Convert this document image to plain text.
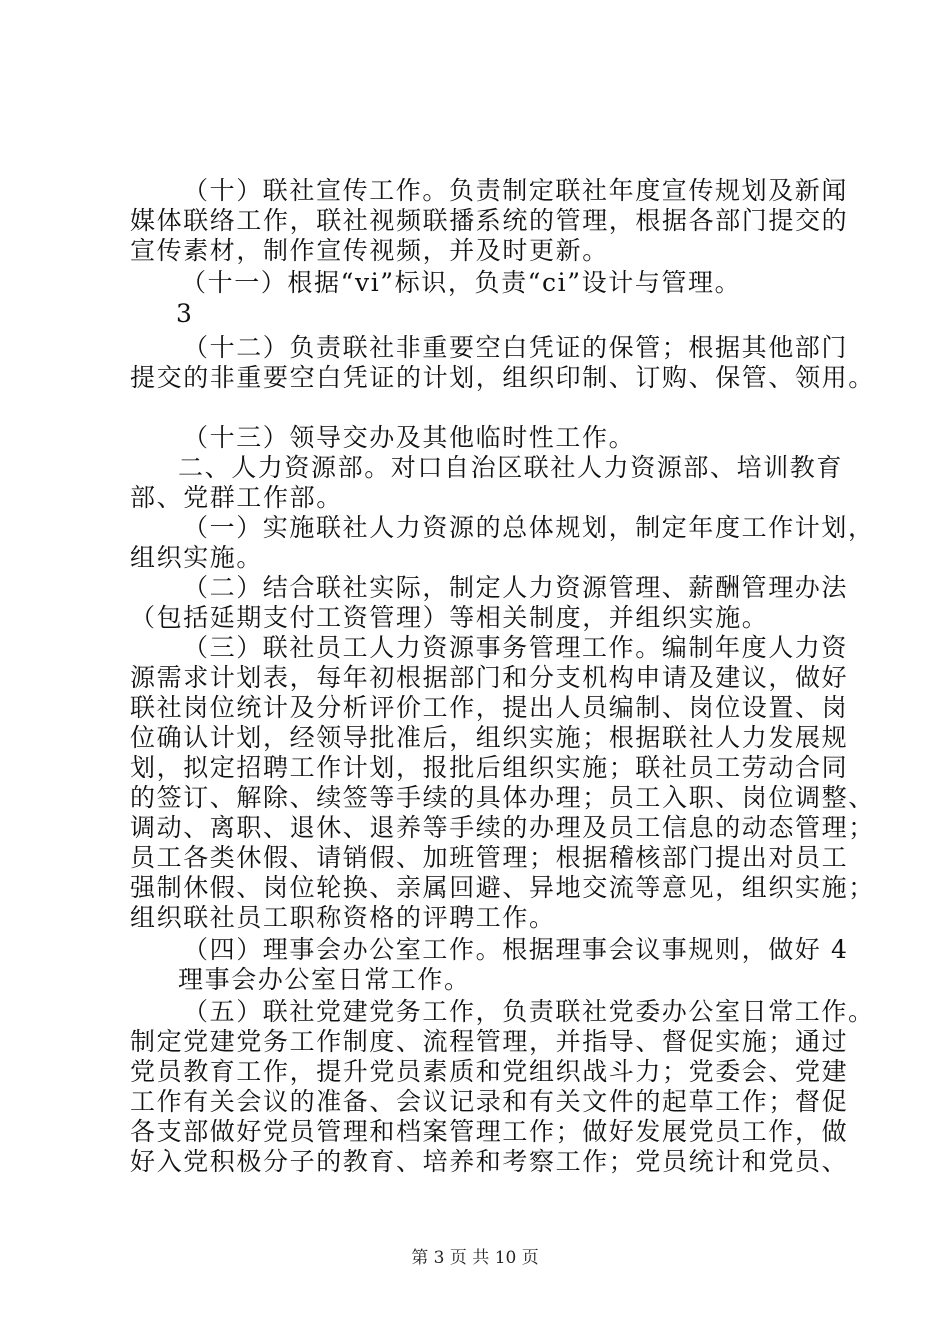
（十）联社宣传工作。负责制定联社年度宣传规划及新闻
媒体联络工作，联社视频联播系统的管理，根据各部门提交的
宣传素材，制作宣传视频，并及时更新。
（十一）根据“vi”标识，负责“ci”设计与管理。
3
（十二）负责联社非重要空白凭证的保管；根据其他部门
提交的非重要空白凭证的计划，组织印制、订购、保管、领用。
（十三）领导交办及其他临时性工作。
二、人力资源部。对口自治区联社人力资源部、培训教育
部、党群工作部。
（一）实施联社人力资源的总体规划，制定年度工作计划，
组织实施。
（二）结合联社实际，制定人力资源管理、薪酬管理办法
（包括延期支付工资管理）等相关制度，并组织实施。
（三）联社员工人力资源事务管理工作。编制年度人力资
源需求计划表，每年初根据部门和分支机构申请及建议，做好
联社岗位统计及分析评价工作，提出人员编制、岗位设置、岗
位确认计划，经领导批准后，组织实施；根据联社人力发展规
划，拟定招聘工作计划，报批后组织实施；联社员工劳动合同
的签订、解除、续签等手续的具体办理；员工入职、岗位调整、
调动、离职、退休、退养等手续的办理及员工信息的动态管理；
员工各类休假、请销假、加班管理；根据稽核部门提出对员工
强制休假、岗位轮换、亲属回避、异地交流等意见，组织实施；
组织联社员工职称资格的评聘工作。
（四）理事会办公室工作。根据理事会议事规则，做好 4
理事会办公室日常工作。
（五）联社党建党务工作，负责联社党委办公室日常工作。
制定党建党务工作制度、流程管理，并指导、督促实施；通过
党员教育工作，提升党员素质和党组织战斗力；党委会、党建
工作有关会议的准备、会议记录和有关文件的起草工作；督促
各支部做好党员管理和档案管理工作；做好发展党员工作，做
好入党积极分子的教育、培养和考察工作；党员统计和党员、
第 3 页 共 10 页
